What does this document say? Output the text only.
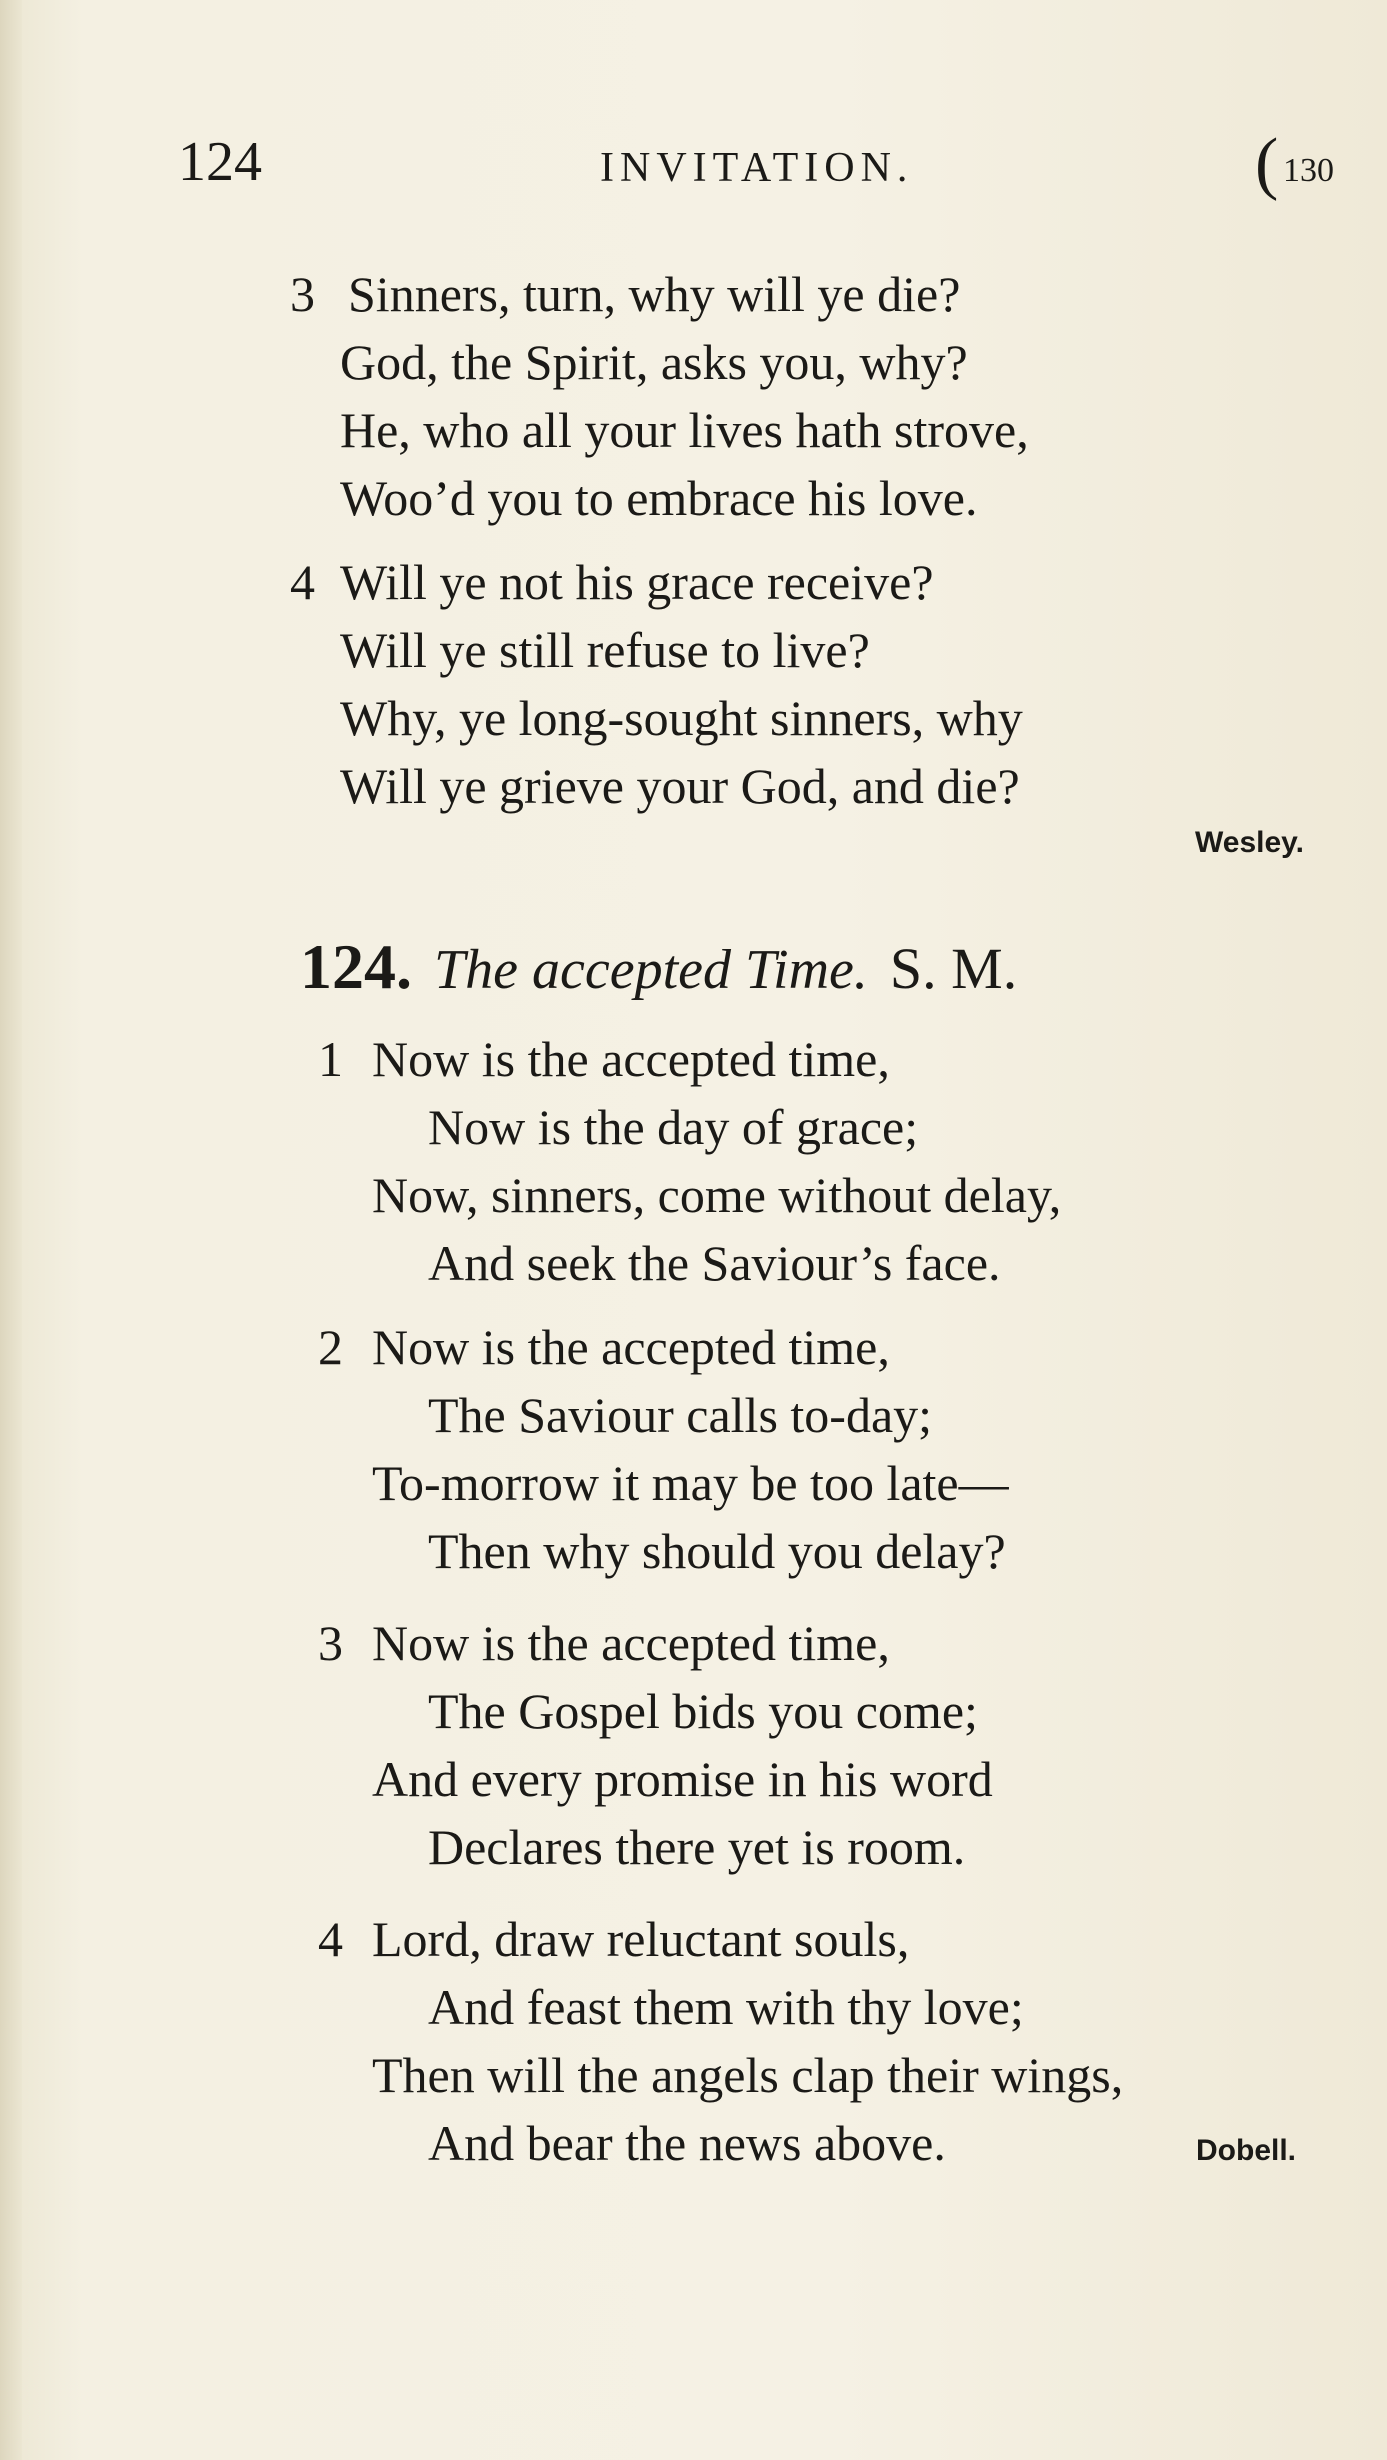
124	INVITATION.	( 130
3 Sinners, turn, why will ye die?
God, the Spirit, asks you, why?
He, who all your lives hath strove,
Woo’d you to embrace his love.
4 Will ye not his grace receive?
Will ye still refuse to live?
Why, ye long-sought sinners, why
Will ye grieve your God, and die?
Wesley.
124. The accepted Time. S. M.
1 Now is the accepted time,
Now is the day of grace;
Now, sinners, come without delay,
And seek the Saviour’s face.
2 Now is the accepted time,
The Saviour calls to-day;
To-morrow it may be too late—
Then why should you delay?
3 Now is the accepted time,
The Gospel bids you come;
And every promise in his word
Declares there yet is room.
4 Lord, draw reluctant souls,
And feast them with thy love;
Then will the angels clap their wings,
And bear the news above.	Dobell.
